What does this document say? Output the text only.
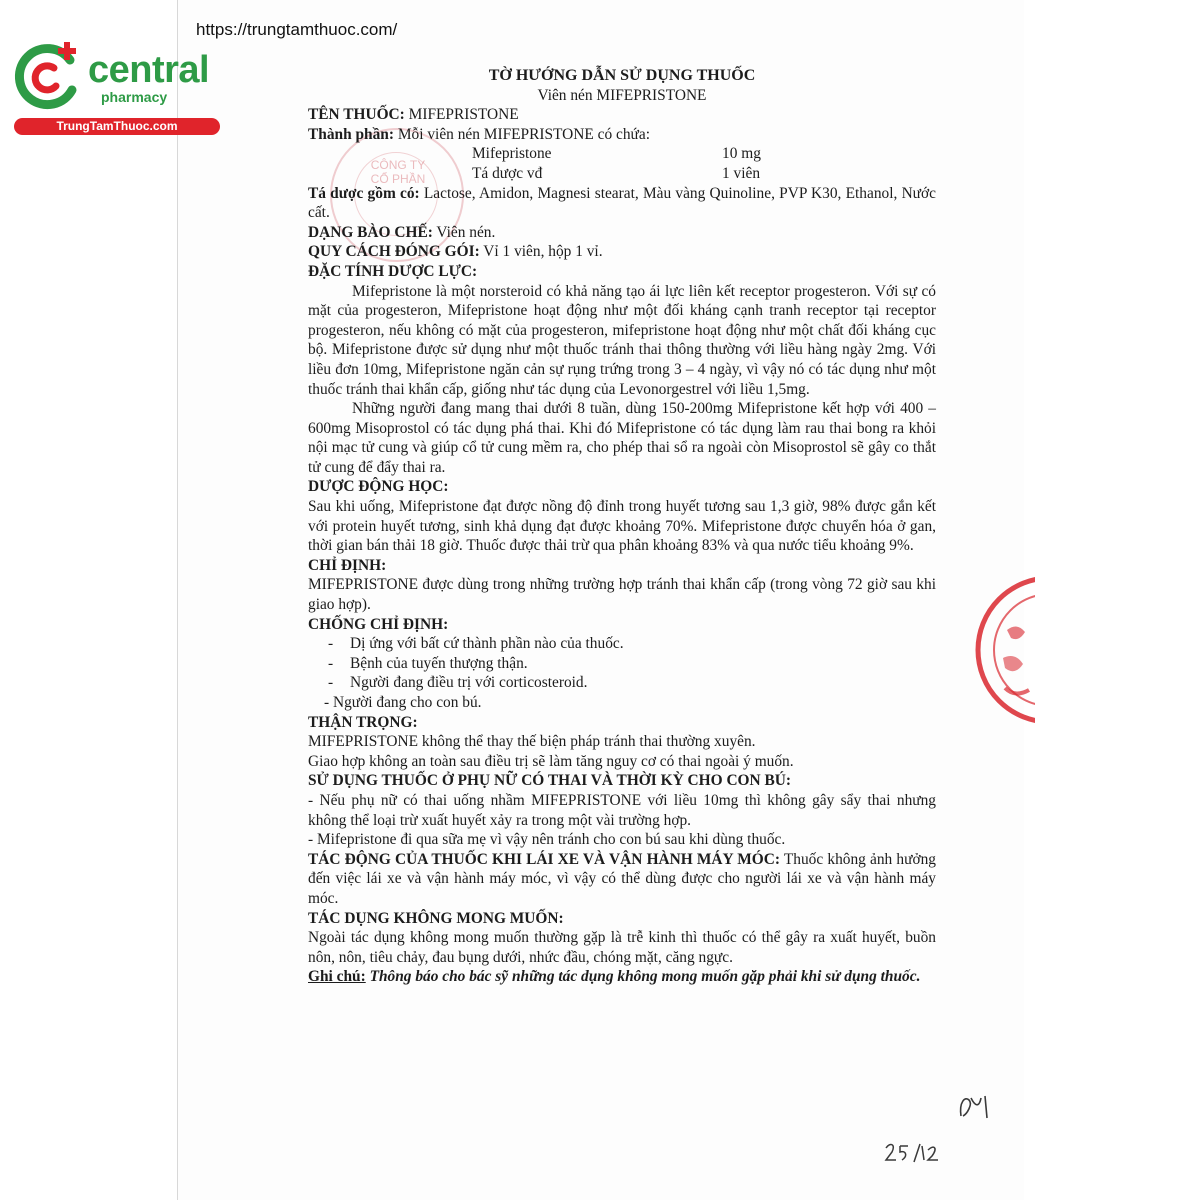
https://trungtamthuoc.com/
central
pharmacy
TrungTamThuoc.com
CÔNG TY
CỔ PHẦN

TỜ HƯỚNG DẪN SỬ DỤNG THUỐC

Viên nén MIFEPRISTONE

TÊN THUỐC: MIFEPRISTONE

Thành phần: Mỗi viên nén MIFEPRISTONE có chứa:

Mifepristone	10 mg
Tá dược vđ	1 viên

Tá dược gồm có: Lactose, Amidon, Magnesi stearat, Màu vàng Quinoline, PVP K30, Ethanol, Nước cất.

DẠNG BÀO CHẾ: Viên nén.

QUY CÁCH ĐÓNG GÓI: Vỉ 1 viên, hộp 1 vỉ.

ĐẶC TÍNH DƯỢC LỰC:

Mifepristone là một norsteroid có khả năng tạo ái lực liên kết receptor progesteron. Với sự có mặt của progesteron, Mifepristone hoạt động như một đối kháng cạnh tranh receptor tại receptor progesteron, nếu không có mặt của progesteron, mifepristone hoạt động như một chất đối kháng cục bộ. Mifepristone được sử dụng như một thuốc tránh thai thông thường với liều hàng ngày 2mg. Với liều đơn 10mg, Mifepristone ngăn cản sự rụng trứng trong 3 – 4 ngày, vì vậy nó có tác dụng như một thuốc tránh thai khẩn cấp, giống như tác dụng của Levonorgestrel với liều 1,5mg.

Những người đang mang thai dưới 8 tuần, dùng 150-200mg Mifepristone kết hợp với 400 – 600mg Misoprostol có tác dụng phá thai. Khi đó Mifepristone có tác dụng làm rau thai bong ra khỏi nội mạc tử cung và giúp cổ tử cung mềm ra, cho phép thai sổ ra ngoài còn Misoprostol sẽ gây co thắt tử cung để đẩy thai ra.

DƯỢC ĐỘNG HỌC:

Sau khi uống, Mifepristone đạt được nồng độ đỉnh trong huyết tương sau 1,3 giờ, 98% được gắn kết với protein huyết tương, sinh khả dụng đạt được khoảng 70%. Mifepristone được chuyển hóa ở gan, thời gian bán thải 18 giờ. Thuốc được thải trừ qua phân khoảng 83% và qua nước tiểu khoảng 9%.

CHỈ ĐỊNH:

MIFEPRISTONE được dùng trong những trường hợp tránh thai khẩn cấp (trong vòng 72 giờ sau khi giao hợp).

CHỐNG CHỈ ĐỊNH:

- Dị ứng với bất cứ thành phần nào của thuốc.

- Bệnh của tuyến thượng thận.

- Người đang điều trị với corticosteroid.

- Người đang cho con bú.

THẬN TRỌNG:

MIFEPRISTONE không thể thay thế biện pháp tránh thai thường xuyên.

Giao hợp không an toàn sau điều trị sẽ làm tăng nguy cơ có thai ngoài ý muốn.

SỬ DỤNG THUỐC Ở PHỤ NỮ CÓ THAI VÀ THỜI KỲ CHO CON BÚ:

- Nếu phụ nữ có thai uống nhầm MIFEPRISTONE với liều 10mg thì không gây sẩy thai nhưng không thể loại trừ xuất huyết xảy ra trong một vài trường hợp.

- Mifepristone đi qua sữa mẹ vì vậy nên tránh cho con bú sau khi dùng thuốc.

TÁC ĐỘNG CỦA THUỐC KHI LÁI XE VÀ VẬN HÀNH MÁY MÓC: Thuốc không ảnh hưởng đến việc lái xe và vận hành máy móc, vì vậy có thể dùng được cho người lái xe và vận hành máy móc.

TÁC DỤNG KHÔNG MONG MUỐN:

Ngoài tác dụng không mong muốn thường gặp là trễ kinh thì thuốc có thể gây ra xuất huyết, buồn nôn, nôn, tiêu chảy, đau bụng dưới, nhức đầu, chóng mặt, căng ngực.

Ghi chú: Thông báo cho bác sỹ những tác dụng không mong muốn gặp phải khi sử dụng thuốc.
